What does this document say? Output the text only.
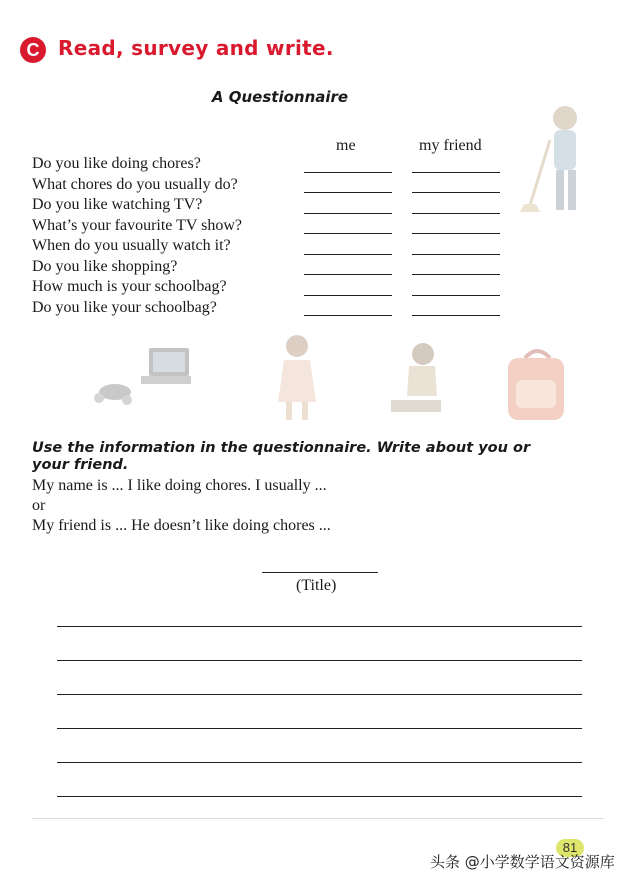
C Read, survey and write.
A Questionnaire
me	my friend
Do you like doing chores?
What chores do you usually do?
Do you like watching TV?
What’s your favourite TV show?
When do you usually watch it?
Do you like shopping?
How much is your schoolbag?
Do you like your schoolbag?
Use the information in the questionnaire. Write about you or your friend.
My name is ... I like doing chores. I usually ...
or
My friend is ... He doesn’t like doing chores ...
(Title)
81
头条 @小学数学语文资源库
